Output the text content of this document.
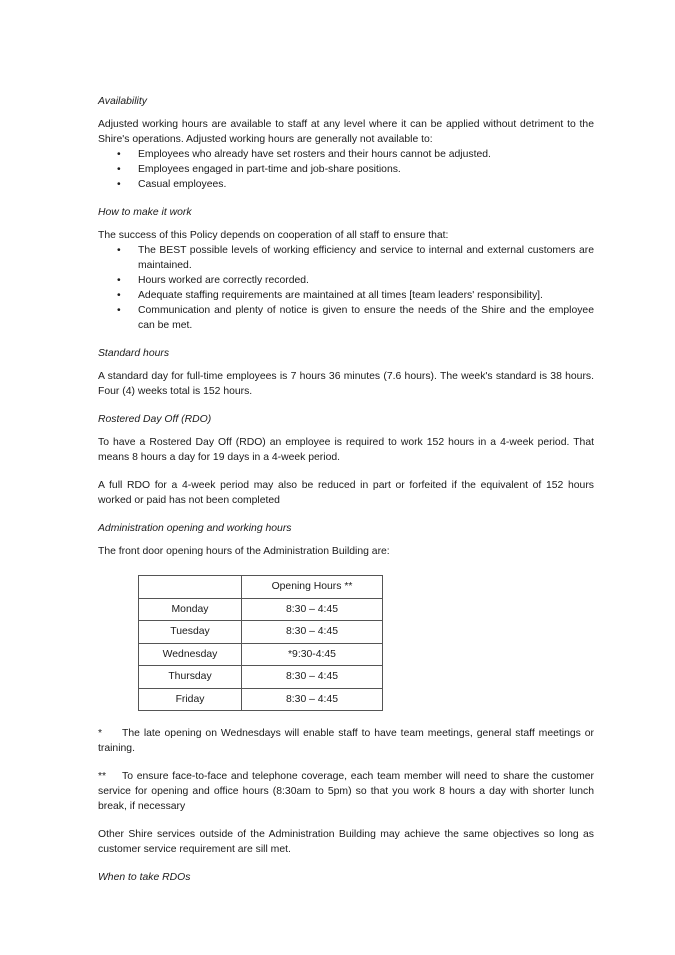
Availability

Adjusted working hours are available to staff at any level where it can be applied without detriment to the Shire's operations. Adjusted working hours are generally not available to:

• Employees who already have set rosters and their hours cannot be adjusted.
• Employees engaged in part-time and job-share positions.
• Casual employees.
How to make it work

The success of this Policy depends on cooperation of all staff to ensure that:

• The BEST possible levels of working efficiency and service to internal and external customers are maintained.
• Hours worked are correctly recorded.
• Adequate staffing requirements are maintained at all times [team leaders' responsibility].
• Communication and plenty of notice is given to ensure the needs of the Shire and the employee can be met.
Standard hours

A standard day for full-time employees is 7 hours 36 minutes (7.6 hours). The week's standard is 38 hours. Four (4) weeks total is 152 hours.

Rostered Day Off (RDO)

To have a Rostered Day Off (RDO) an employee is required to work 152 hours in a 4-week period. That means 8 hours a day for 19 days in a 4-week period.

A full RDO for a 4-week period may also be reduced in part or forfeited if the equivalent of 152 hours worked or paid has not been completed

Administration opening and working hours

The front door opening hours of the Administration Building are:

	Opening Hours **
Monday	8:30 – 4:45
Tuesday	8:30 – 4:45
Wednesday	*9:30-4:45
Thursday	8:30 – 4:45
Friday	8:30 – 4:45

* The late opening on Wednesdays will enable staff to have team meetings, general staff meetings or training.

** To ensure face-to-face and telephone coverage, each team member will need to share the customer service for opening and office hours (8:30am to 5pm) so that you work 8 hours a day with shorter lunch break, if necessary

Other Shire services outside of the Administration Building may achieve the same objectives so long as customer service requirement are sill met.

When to take RDOs
